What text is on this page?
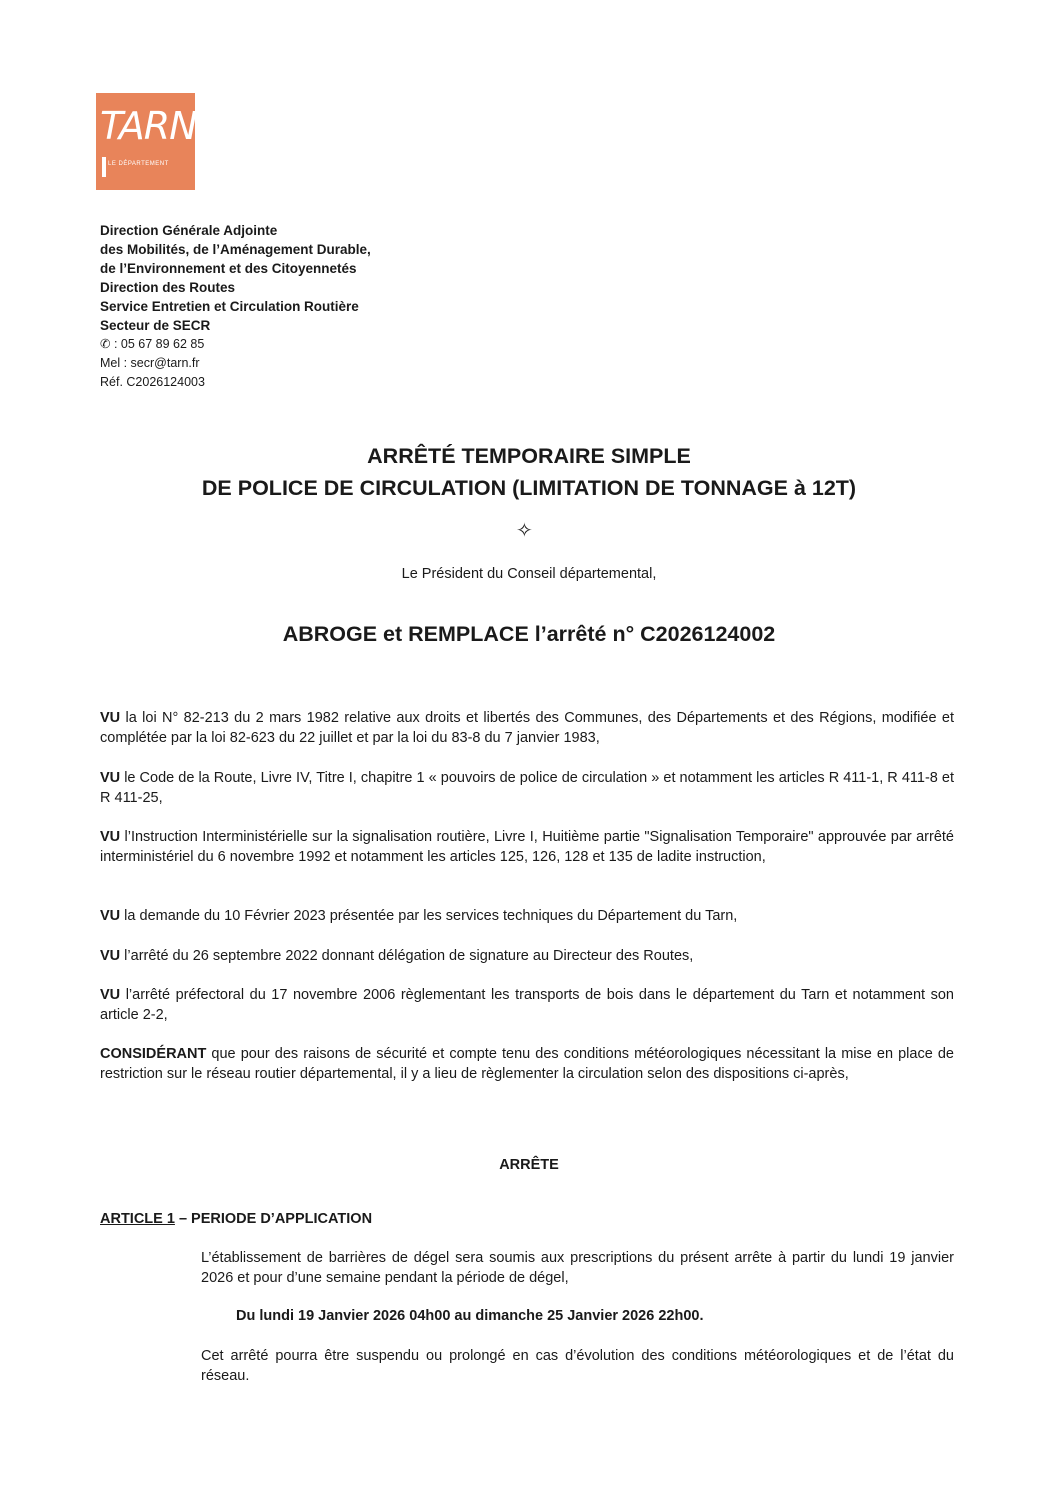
TARN
LE DÉPARTEMENT
Direction Générale Adjointe
des Mobilités, de l’Aménagement Durable,
de l’Environnement et des Citoyennetés
Direction des Routes
Service Entretien et Circulation Routière
Secteur de SECR
✆ : 05 67 89 62 85
Mel : secr@tarn.fr
Réf. C2026124003
ARRÊTÉ TEMPORAIRE SIMPLE
DE POLICE DE CIRCULATION (LIMITATION DE TONNAGE à 12T)
✧
Le Président du Conseil départemental,
ABROGE et REMPLACE l’arrêté n° C2026124002
VU la loi N° 82-213 du 2 mars 1982 relative aux droits et libertés des Communes, des Départements et des Régions, modifiée et complétée par la loi 82-623 du 22 juillet et par la loi du 83-8 du 7 janvier 1983,
VU le Code de la Route, Livre IV, Titre I, chapitre 1 « pouvoirs de police de circulation » et notamment les articles R 411-1, R 411-8 et R 411-25,
VU l’Instruction Interministérielle sur la signalisation routière, Livre I, Huitième partie "Signalisation Temporaire" approuvée par arrêté interministériel du 6 novembre 1992 et notamment les articles 125, 126, 128 et 135 de ladite instruction,
VU la demande du 10 Février 2023 présentée par les services techniques du Département du Tarn,
VU l’arrêté du 26 septembre 2022 donnant délégation de signature au Directeur des Routes,
VU l’arrêté préfectoral du 17 novembre 2006 règlementant les transports de bois dans le département du Tarn et notamment son article 2-2,
CONSIDÉRANT que pour des raisons de sécurité et compte tenu des conditions météorologiques nécessitant la mise en place de restriction sur le réseau routier départemental, il y a lieu de règlementer la circulation selon des dispositions ci-après,
ARRÊTE
ARTICLE 1 – PERIODE D’APPLICATION
L’établissement de barrières de dégel sera soumis aux prescriptions du présent arrête à partir du lundi 19 janvier 2026 et pour d’une semaine pendant la période de dégel,
Du lundi 19 Janvier 2026 04h00 au dimanche 25 Janvier 2026 22h00.
Cet arrêté pourra être suspendu ou prolongé en cas d’évolution des conditions météorologiques et de l’état du réseau.
